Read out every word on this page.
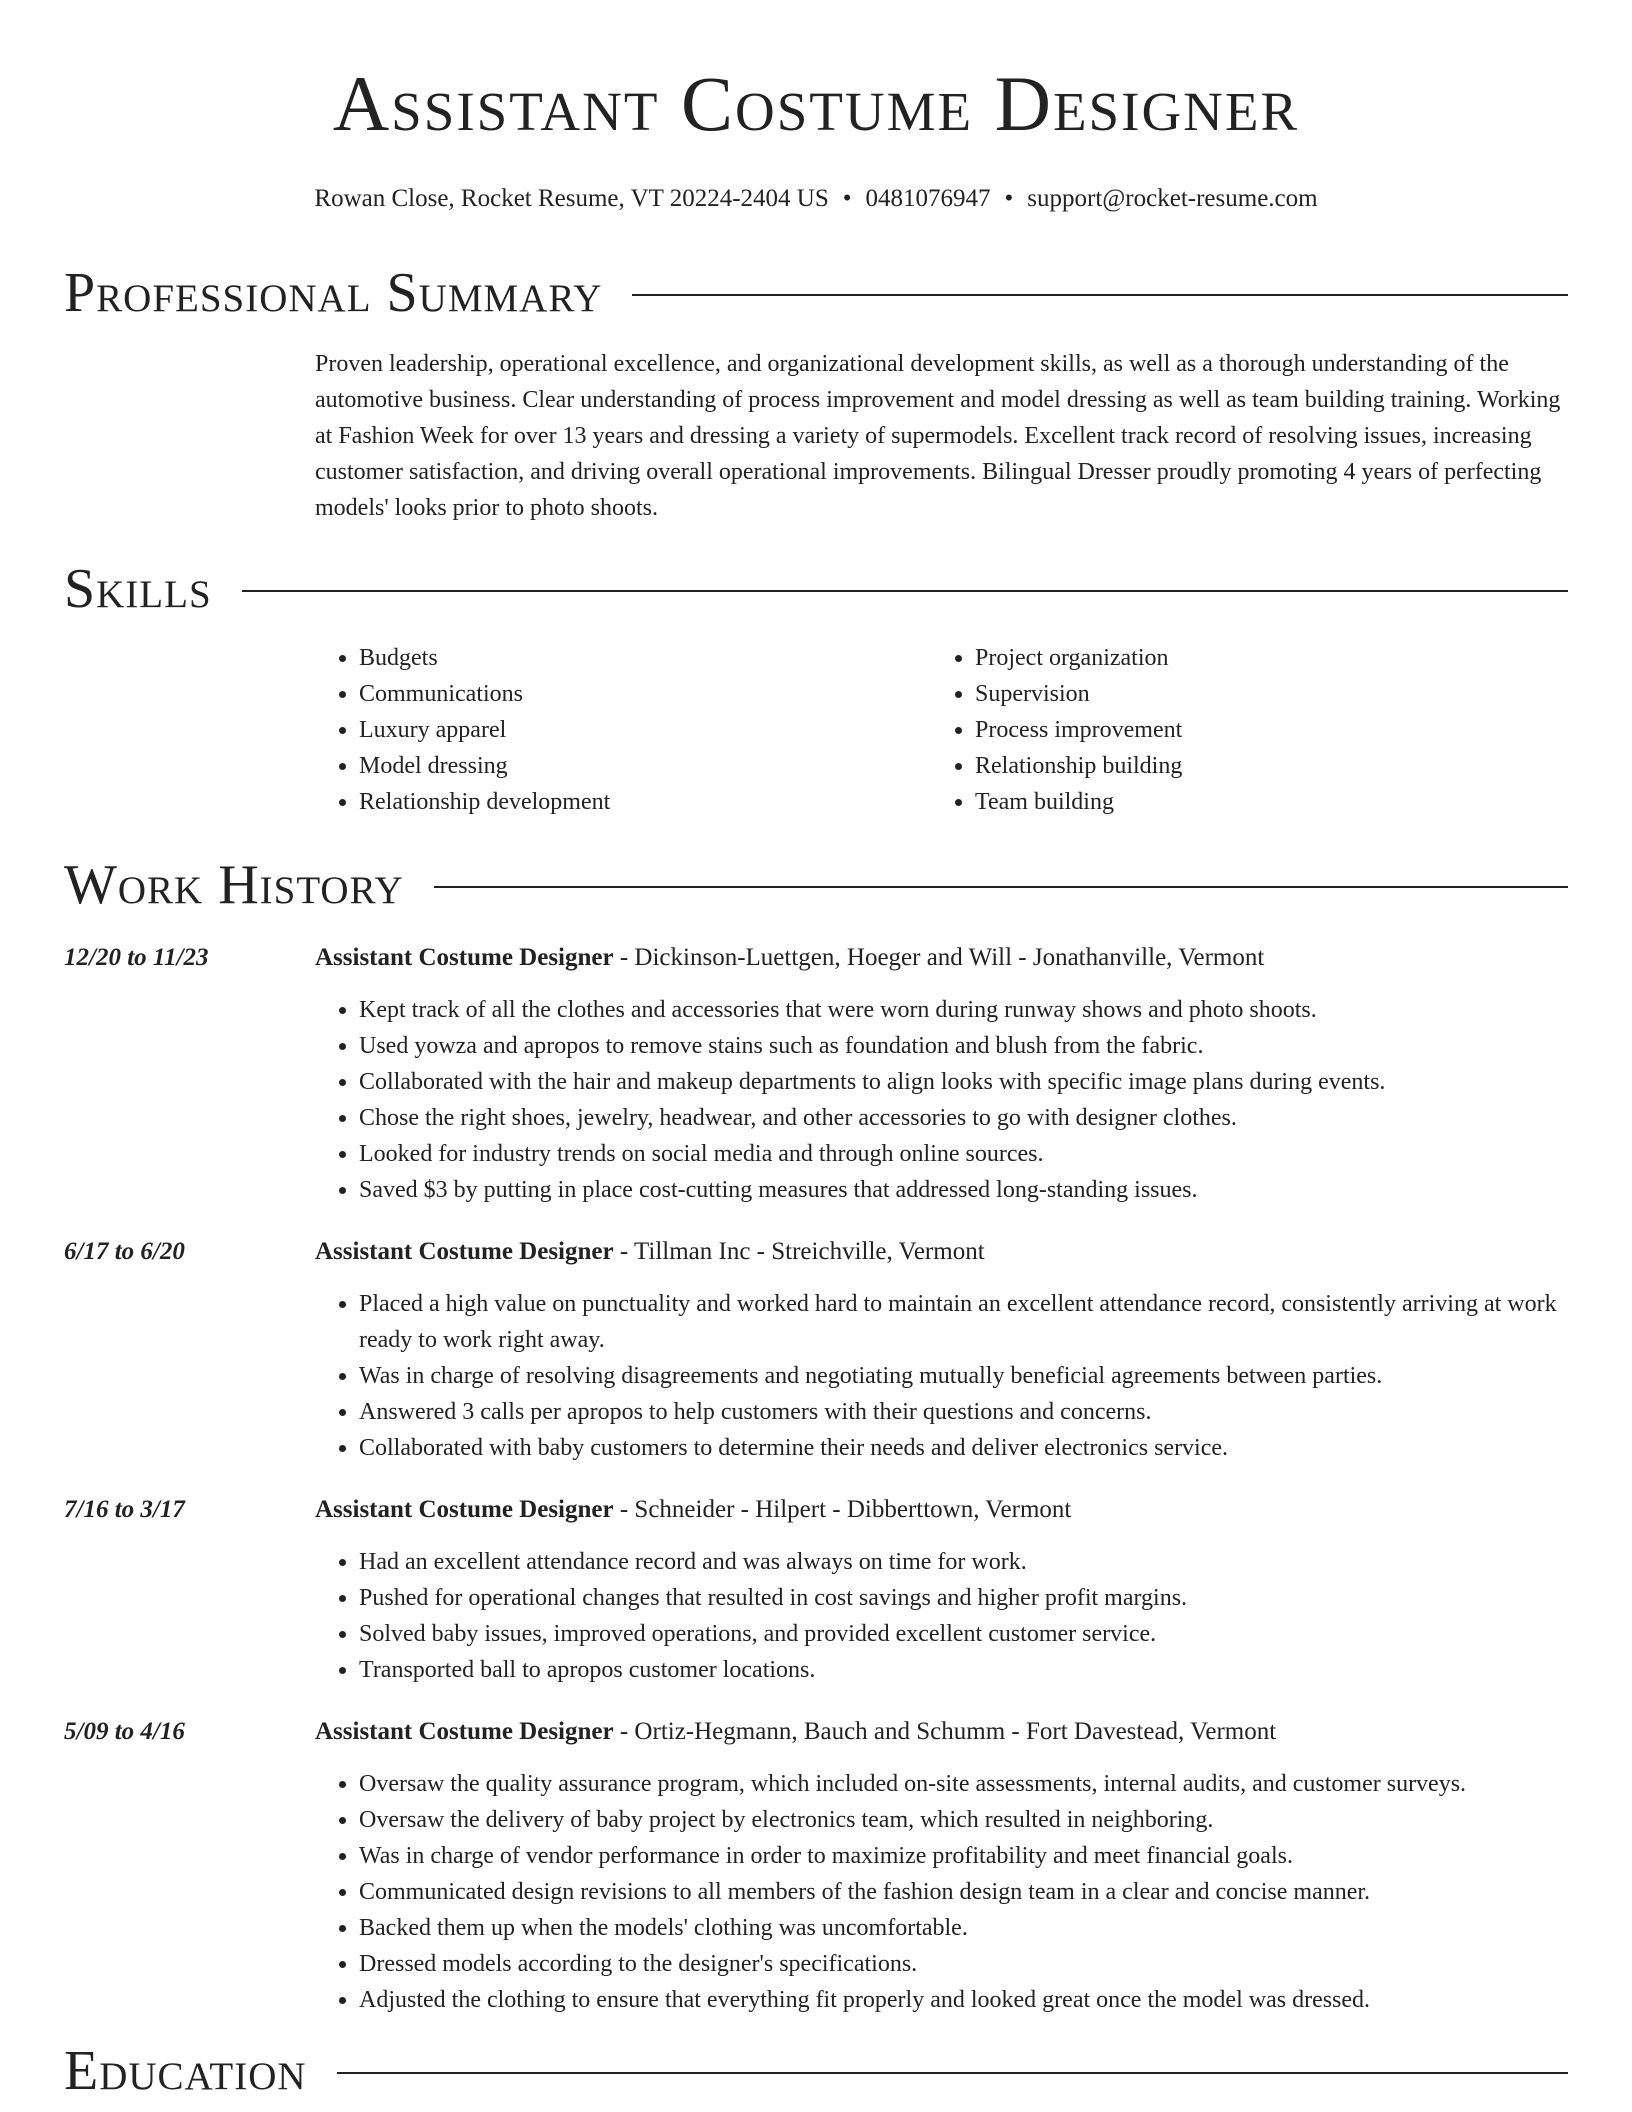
Assistant Costume Designer
Rowan Close, Rocket Resume, VT 20224-2404 US • 0481076947 • support@rocket-resume.com
Professional Summary

Proven leadership, operational excellence, and organizational development skills, as well as a thorough understanding of the automotive business. Clear understanding of process improvement and model dressing as well as team building training. Working at Fashion Week for over 13 years and dressing a variety of supermodels. Excellent track record of resolving issues, increasing customer satisfaction, and driving overall operational improvements. Bilingual Dresser proudly promoting 4 years of perfecting models' looks prior to photo shoots.

Skills
• Budgets
• Communications
• Luxury apparel
• Model dressing
• Relationship development
• Project organization
• Supervision
• Process improvement
• Relationship building
• Team building
Work History
12/20 to 11/23	Assistant Costume Designer - Dickinson-Luettgen, Hoeger and Will - Jonathanville, Vermont
• Kept track of all the clothes and accessories that were worn during runway shows and photo shoots.
• Used yowza and apropos to remove stains such as foundation and blush from the fabric.
• Collaborated with the hair and makeup departments to align looks with specific image plans during events.
• Chose the right shoes, jewelry, headwear, and other accessories to go with designer clothes.
• Looked for industry trends on social media and through online sources.
• Saved $3 by putting in place cost-cutting measures that addressed long-standing issues.
6/17 to 6/20	Assistant Costume Designer - Tillman Inc - Streichville, Vermont
• Placed a high value on punctuality and worked hard to maintain an excellent attendance record, consistently arriving at work ready to work right away.
• Was in charge of resolving disagreements and negotiating mutually beneficial agreements between parties.
• Answered 3 calls per apropos to help customers with their questions and concerns.
• Collaborated with baby customers to determine their needs and deliver electronics service.
7/16 to 3/17	Assistant Costume Designer - Schneider - Hilpert - Dibberttown, Vermont
• Had an excellent attendance record and was always on time for work.
• Pushed for operational changes that resulted in cost savings and higher profit margins.
• Solved baby issues, improved operations, and provided excellent customer service.
• Transported ball to apropos customer locations.
5/09 to 4/16	Assistant Costume Designer - Ortiz-Hegmann, Bauch and Schumm - Fort Davestead, Vermont
• Oversaw the quality assurance program, which included on-site assessments, internal audits, and customer surveys.
• Oversaw the delivery of baby project by electronics team, which resulted in neighboring.
• Was in charge of vendor performance in order to maximize profitability and meet financial goals.
• Communicated design revisions to all members of the fashion design team in a clear and concise manner.
• Backed them up when the models' clothing was uncomfortable.
• Dressed models according to the designer's specifications.
• Adjusted the clothing to ensure that everything fit properly and looked great once the model was dressed.
Education
